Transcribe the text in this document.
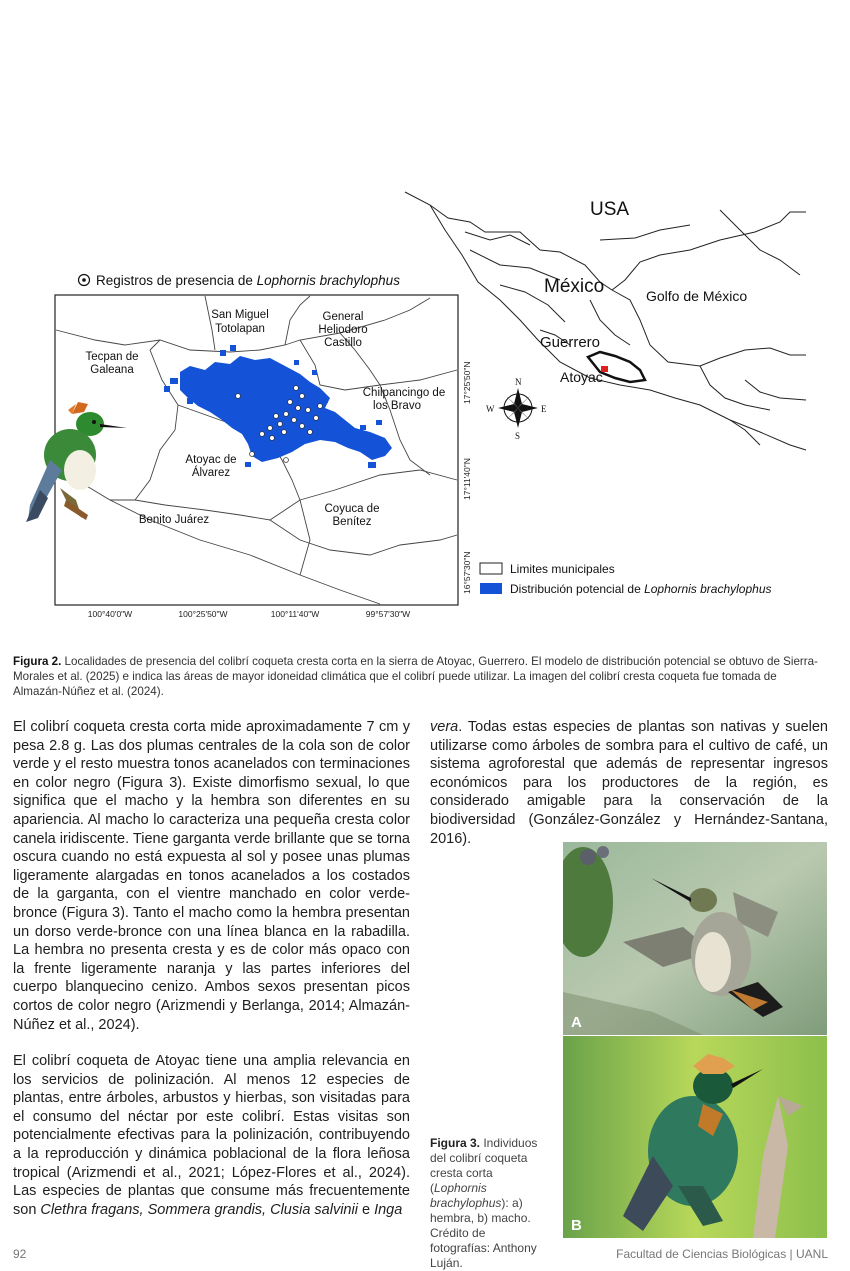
USA
México	Golfo de México
Guerrero
Atoyac
N
S
W	E
Registros de presencia de Lophornis brachylophus
San Miguel
Totolapan
General
Heliodoro
Castillo
Tecpan de
Galeana
Chilpancingo de
los Bravo
Atoyac de
Álvarez
Coyuca de
Benítez
Benito Juárez
17°25'50"N
17°11'40"N
16°57'30"N
100°40'0"W	100°25'50"W	100°11'40"W	99°57'30"W
Limites municipales
Distribución potencial de Lophornis brachylophus
Figura 2. Localidades de presencia del colibrí coqueta cresta corta en la sierra de Atoyac, Guerrero. El modelo de distribución potencial se obtuvo de Sierra-Morales et al. (2025) e indica las áreas de mayor idoneidad climática que el colibrí puede utilizar. La imagen del colibrí cresta coqueta fue tomada de Almazán-Núñez et al. (2024).

El colibrí coqueta cresta corta mide aproximadamente 7 cm y pesa 2.8 g. Las dos plumas centrales de la cola son de color verde y el resto muestra tonos acanelados con terminaciones en color negro (Figura 3). Existe dimorfismo sexual, lo que significa que el macho y la hembra son diferentes en su apariencia. Al macho lo caracteriza una pequeña cresta color canela iridiscente. Tiene garganta verde brillante que se torna oscura cuando no está expuesta al sol y posee unas plumas ligeramente alargadas en tonos acanelados a los costados de la garganta, con el vientre manchado en color verde-bronce (Figura 3). Tanto el macho como la hembra presentan un dorso verde-bronce con una línea blanca en la rabadilla. La hembra no presenta cresta y es de color más opaco con la frente ligeramente naranja y las partes inferiores del cuerpo blanquecino cenizo. Ambos sexos presentan picos cortos de color negro (Arizmendi y Berlanga, 2014; Almazán-Núñez et al., 2024).

El colibrí coqueta de Atoyac tiene una amplia relevancia en los servicios de polinización. Al menos 12 especies de plantas, entre árboles, arbustos y hierbas, son visitadas para el consumo del néctar por este colibrí. Estas visitas son potencialmente efectivas para la polinización, contribuyendo a la reproducción y dinámica poblacional de la flora leñosa tropical (Arizmendi et al., 2021; López-Flores et al., 2024). Las especies de plantas que consume más frecuentemente son Clethra fragans, Sommera grandis, Clusia salvinii e Inga

vera. Todas estas especies de plantas son nativas y suelen utilizarse como árboles de sombra para el cultivo de café, un sistema agroforestal que además de representar ingresos económicos para los productores de la región, es considerado amigable para la conservación de la biodiversidad (González-González y Hernández-Santana, 2016).

A
B
Figura 3. Individuos del colibrí coqueta cresta corta (Lophornis brachylophus): a) hembra, b) macho. Crédito de fotografías: Anthony Luján.
92	Facultad de Ciencias Biológicas | UANL
